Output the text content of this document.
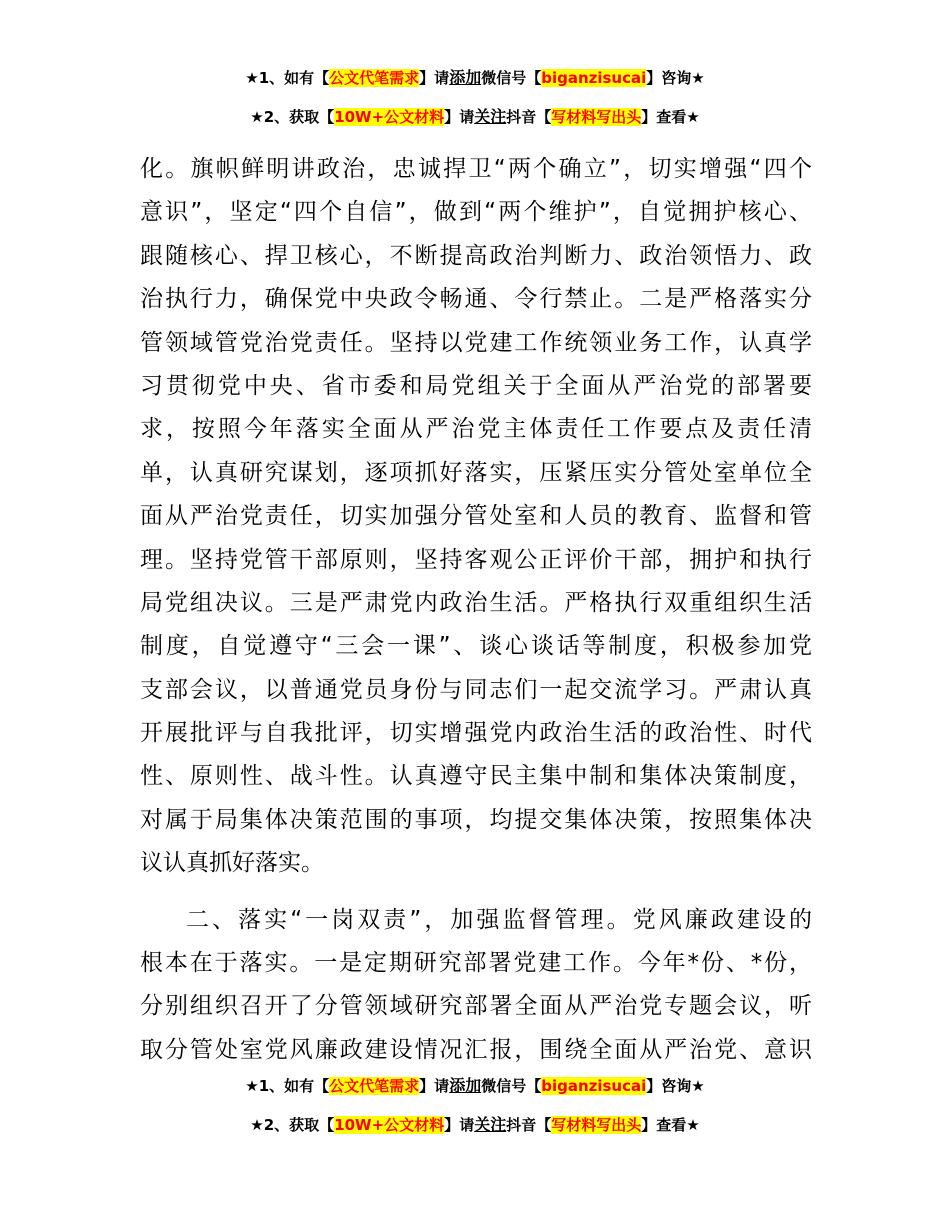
★1、如有【公文代笔需求】请添加微信号【biganzisucai】咨询★
★2、获取【10W+公文材料】请关注抖音【写材料写出头】查看★
化。旗帜鲜明讲政治，忠诚捍卫“两个确立”，切实增强“四个
意识”，坚定“四个自信”，做到“两个维护”，自觉拥护核心、
跟随核心、捍卫核心，不断提高政治判断力、政治领悟力、政
治执行力，确保党中央政令畅通、令行禁止。二是严格落实分
管领域管党治党责任。坚持以党建工作统领业务工作，认真学
习贯彻党中央、省市委和局党组关于全面从严治党的部署要
求，按照今年落实全面从严治党主体责任工作要点及责任清
单，认真研究谋划，逐项抓好落实，压紧压实分管处室单位全
面从严治党责任，切实加强分管处室和人员的教育、监督和管
理。坚持党管干部原则，坚持客观公正评价干部，拥护和执行
局党组决议。三是严肃党内政治生活。严格执行双重组织生活
制度，自觉遵守“三会一课”、谈心谈话等制度，积极参加党
支部会议，以普通党员身份与同志们一起交流学习。严肃认真
开展批评与自我批评，切实增强党内政治生活的政治性、时代
性、原则性、战斗性。认真遵守民主集中制和集体决策制度，
对属于局集体决策范围的事项，均提交集体决策，按照集体决
议认真抓好落实。
二、落实“一岗双责”，加强监督管理。党风廉政建设的
根本在于落实。一是定期研究部署党建工作。今年*份、*份，
分别组织召开了分管领域研究部署全面从严治党专题会议，听
取分管处室党风廉政建设情况汇报，围绕全面从严治党、意识
★1、如有【公文代笔需求】请添加微信号【biganzisucai】咨询★
★2、获取【10W+公文材料】请关注抖音【写材料写出头】查看★
